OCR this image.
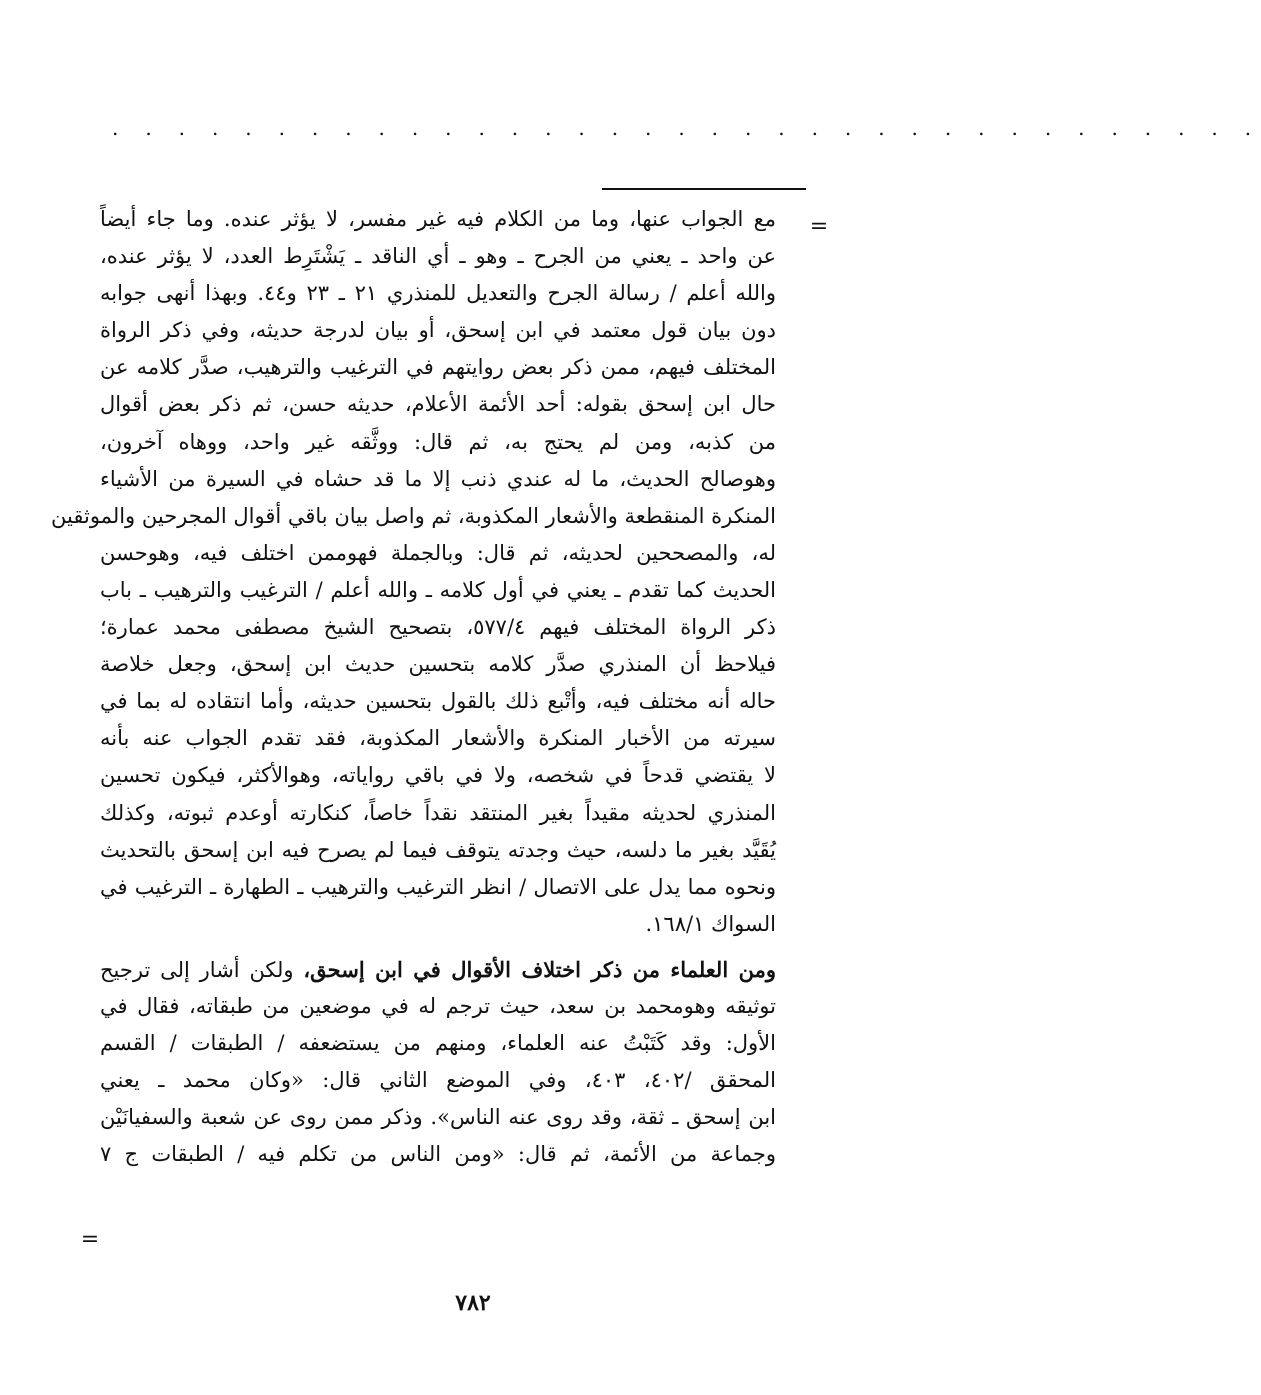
. . . . . . . . . . . . . . . . . . . . . . . . . . . . . . . . . . .
=
مع الجواب عنها، وما من الكلام فيه غير مفسر، لا يؤثر عنده. وما جاء أيضاً
عن واحد ـ يعني من الجرح ـ وهو ـ أي الناقد ـ يَشْتَرِط العدد، لا يؤثر عنده،
والله أعلم / رسالة الجرح والتعديل للمنذري ٢١ ـ ٢٣ و٤٤. وبهذا أنهى جوابه
دون بيان قول معتمد في ابن إسحق، أو بيان لدرجة حديثه، وفي ذكر الرواة
المختلف فيهم، ممن ذكر بعض روايتهم في الترغيب والترهيب، صدَّر كلامه عن
حال ابن إسحق بقوله: أحد الأئمة الأعلام، حديثه حسن، ثم ذكر بعض أقوال
من كذبه، ومن لم يحتج به، ثم قال: ووثَّقه غير واحد، ووهاه آخرون،
وهوصالح الحديث، ما له عندي ذنب إلا ما قد حشاه في السيرة من الأشياء
المنكرة المنقطعة والأشعار المكذوبة، ثم واصل بيان باقي أقوال المجرحين والموثقين
له، والمصححين لحديثه، ثم قال: وبالجملة فهوممن اختلف فيه، وهوحسن
الحديث كما تقدم ـ يعني في أول كلامه ـ والله أعلم / الترغيب والترهيب ـ باب
ذكر الرواة المختلف فيهم ٥٧٧/٤، بتصحيح الشيخ مصطفى محمد عمارة؛
فيلاحظ أن المنذري صدَّر كلامه بتحسين حديث ابن إسحق، وجعل خلاصة
حاله أنه مختلف فيه، وأتْبع ذلك بالقول بتحسين حديثه، وأما انتقاده له بما في
سيرته من الأخبار المنكرة والأشعار المكذوبة، فقد تقدم الجواب عنه بأنه
لا يقتضي قدحاً في شخصه، ولا في باقي رواياته، وهوالأكثر، فيكون تحسين
المنذري لحديثه مقيداً بغير المنتقد نقداً خاصاً، كنكارته أوعدم ثبوته، وكذلك
يُقَيَّد بغير ما دلسه، حيث وجدته يتوقف فيما لم يصرح فيه ابن إسحق بالتحديث
ونحوه مما يدل على الاتصال / انظر الترغيب والترهيب ـ الطهارة ـ الترغيب في
السواك ١٦٨/١.
ومن العلماء من ذكر اختلاف الأقوال في ابن إسحق، ولكن أشار إلى ترجيح
توثيقه وهومحمد بن سعد، حيث ترجم له في موضعين من طبقاته، فقال في
الأول: وقد كَتَبْتُ عنه العلماء، ومنهم من يستضعفه / الطبقات / القسم
المحقق /٤٠٢، ٤٠٣، وفي الموضع الثاني قال: «وكان محمد ـ يعني
ابن إسحق ـ ثقة، وقد روى عنه الناس». وذكر ممن روى عن شعبة والسفيانَيْن
وجماعة من الأئمة، ثم قال: «ومن الناس من تكلم فيه / الطبقات ج ٧
=
٧٨٢
